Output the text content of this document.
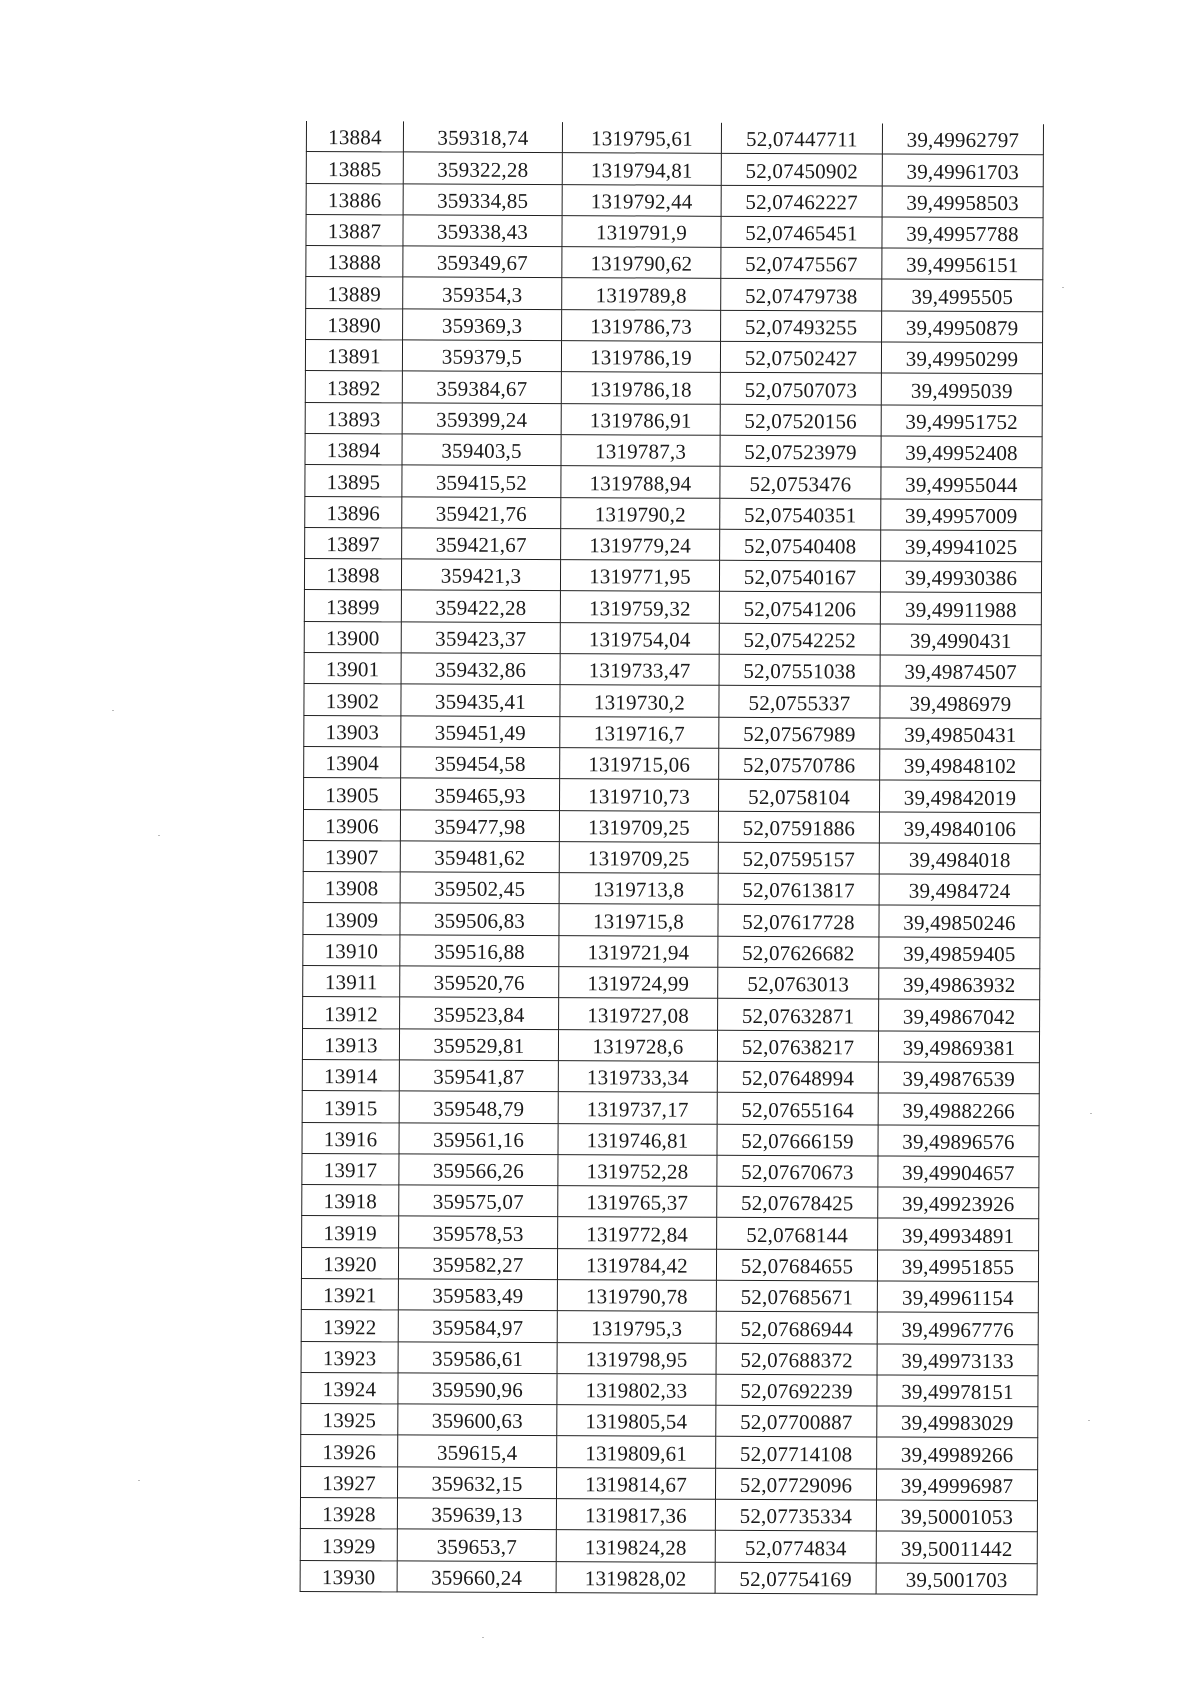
13884	359318,74	1319795,61	52,07447711	39,49962797
13885	359322,28	1319794,81	52,07450902	39,49961703
13886	359334,85	1319792,44	52,07462227	39,49958503
13887	359338,43	1319791,9	52,07465451	39,49957788
13888	359349,67	1319790,62	52,07475567	39,49956151
13889	359354,3	1319789,8	52,07479738	39,4995505
13890	359369,3	1319786,73	52,07493255	39,49950879
13891	359379,5	1319786,19	52,07502427	39,49950299
13892	359384,67	1319786,18	52,07507073	39,4995039
13893	359399,24	1319786,91	52,07520156	39,49951752
13894	359403,5	1319787,3	52,07523979	39,49952408
13895	359415,52	1319788,94	52,0753476	39,49955044
13896	359421,76	1319790,2	52,07540351	39,49957009
13897	359421,67	1319779,24	52,07540408	39,49941025
13898	359421,3	1319771,95	52,07540167	39,49930386
13899	359422,28	1319759,32	52,07541206	39,49911988
13900	359423,37	1319754,04	52,07542252	39,4990431
13901	359432,86	1319733,47	52,07551038	39,49874507
13902	359435,41	1319730,2	52,0755337	39,4986979
13903	359451,49	1319716,7	52,07567989	39,49850431
13904	359454,58	1319715,06	52,07570786	39,49848102
13905	359465,93	1319710,73	52,0758104	39,49842019
13906	359477,98	1319709,25	52,07591886	39,49840106
13907	359481,62	1319709,25	52,07595157	39,4984018
13908	359502,45	1319713,8	52,07613817	39,4984724
13909	359506,83	1319715,8	52,07617728	39,49850246
13910	359516,88	1319721,94	52,07626682	39,49859405
13911	359520,76	1319724,99	52,0763013	39,49863932
13912	359523,84	1319727,08	52,07632871	39,49867042
13913	359529,81	1319728,6	52,07638217	39,49869381
13914	359541,87	1319733,34	52,07648994	39,49876539
13915	359548,79	1319737,17	52,07655164	39,49882266
13916	359561,16	1319746,81	52,07666159	39,49896576
13917	359566,26	1319752,28	52,07670673	39,49904657
13918	359575,07	1319765,37	52,07678425	39,49923926
13919	359578,53	1319772,84	52,0768144	39,49934891
13920	359582,27	1319784,42	52,07684655	39,49951855
13921	359583,49	1319790,78	52,07685671	39,49961154
13922	359584,97	1319795,3	52,07686944	39,49967776
13923	359586,61	1319798,95	52,07688372	39,49973133
13924	359590,96	1319802,33	52,07692239	39,49978151
13925	359600,63	1319805,54	52,07700887	39,49983029
13926	359615,4	1319809,61	52,07714108	39,49989266
13927	359632,15	1319814,67	52,07729096	39,49996987
13928	359639,13	1319817,36	52,07735334	39,50001053
13929	359653,7	1319824,28	52,0774834	39,50011442
13930	359660,24	1319828,02	52,07754169	39,5001703
